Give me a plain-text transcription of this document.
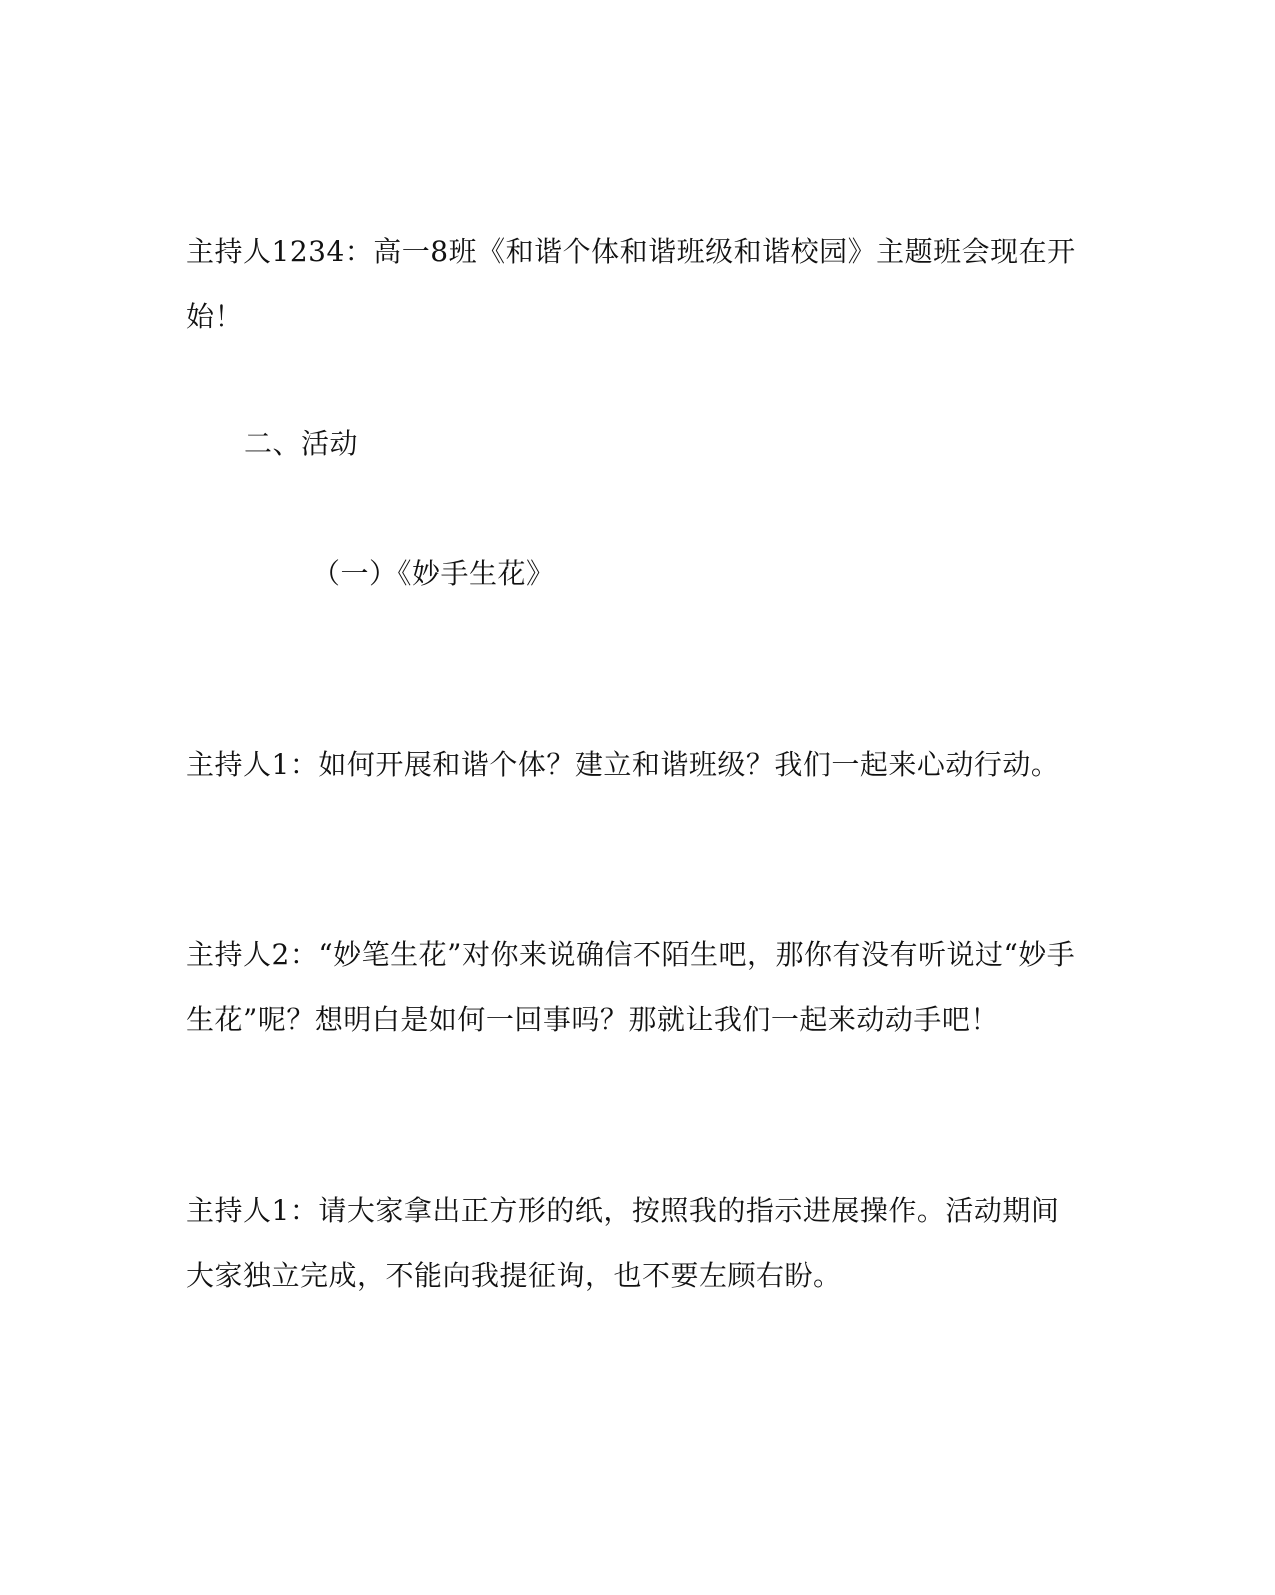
主持人1234：高一8班《和谐个体和谐班级和谐校园》主题班会现在开始！

二、活动

（一）《妙手生花》

主持人1：如何开展和谐个体？建立和谐班级？我们一起来心动行动。

主持人2：“妙笔生花”对你来说确信不陌生吧，那你有没有听说过“妙手生花”呢？想明白是如何一回事吗？那就让我们一起来动动手吧！

主持人1：请大家拿出正方形的纸，按照我的指示进展操作。活动期间大家独立完成，不能向我提征询，也不要左顾右盼。
